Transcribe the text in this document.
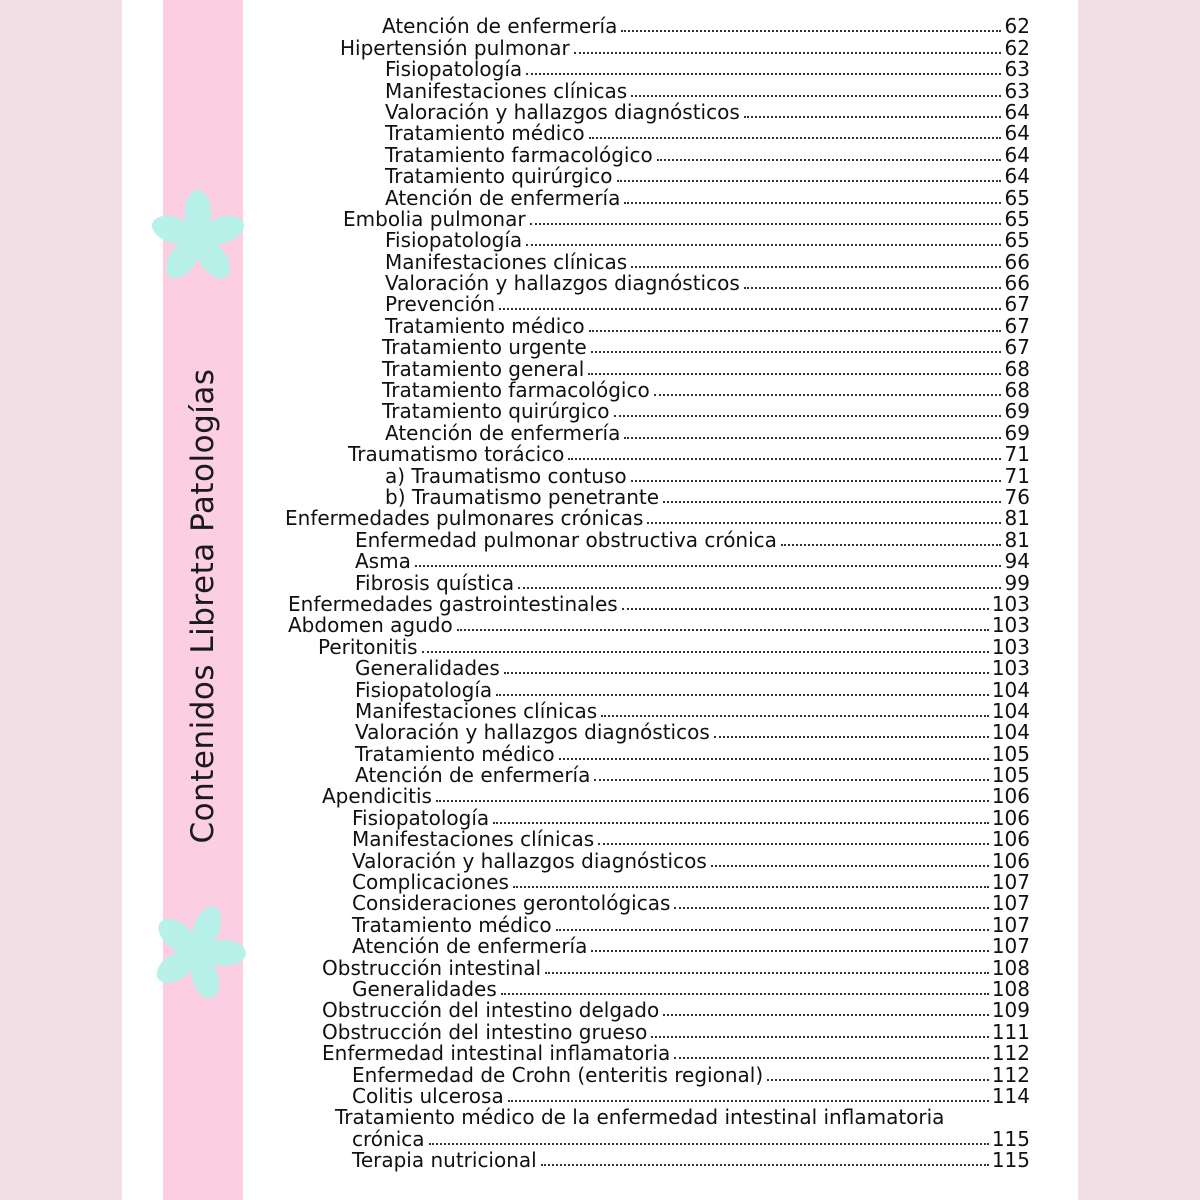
Contenidos Libreta Patologías
Atención de enfermería	62
Hipertensión pulmonar	62
Fisiopatología	63
Manifestaciones clínicas	63
Valoración y hallazgos diagnósticos	64
Tratamiento médico	64
Tratamiento farmacológico	64
Tratamiento quirúrgico	64
Atención de enfermería	65
Embolia pulmonar	65
Fisiopatología	65
Manifestaciones clínicas	66
Valoración y hallazgos diagnósticos	66
Prevención	67
Tratamiento médico	67
Tratamiento urgente	67
Tratamiento general	68
Tratamiento farmacológico	68
Tratamiento quirúrgico	69
Atención de enfermería	69
Traumatismo torácico	71
a) Traumatismo contuso	71
b) Traumatismo penetrante	76
Enfermedades pulmonares crónicas	81
Enfermedad pulmonar obstructiva crónica	81
Asma	94
Fibrosis quística	99
Enfermedades gastrointestinales	103
Abdomen agudo	103
Peritonitis	103
Generalidades	103
Fisiopatología	104
Manifestaciones clínicas	104
Valoración y hallazgos diagnósticos	104
Tratamiento médico	105
Atención de enfermería	105
Apendicitis	106
Fisiopatología	106
Manifestaciones clínicas	106
Valoración y hallazgos diagnósticos	106
Complicaciones	107
Consideraciones gerontológicas	107
Tratamiento médico	107
Atención de enfermería	107
Obstrucción intestinal	108
Generalidades	108
Obstrucción del intestino delgado	109
Obstrucción del intestino grueso	111
Enfermedad intestinal inflamatoria	112
Enfermedad de Crohn (enteritis regional)	112
Colitis ulcerosa	114
Tratamiento médico de la enfermedad intestinal inflamatoria
crónica	115
Terapia nutricional	115
